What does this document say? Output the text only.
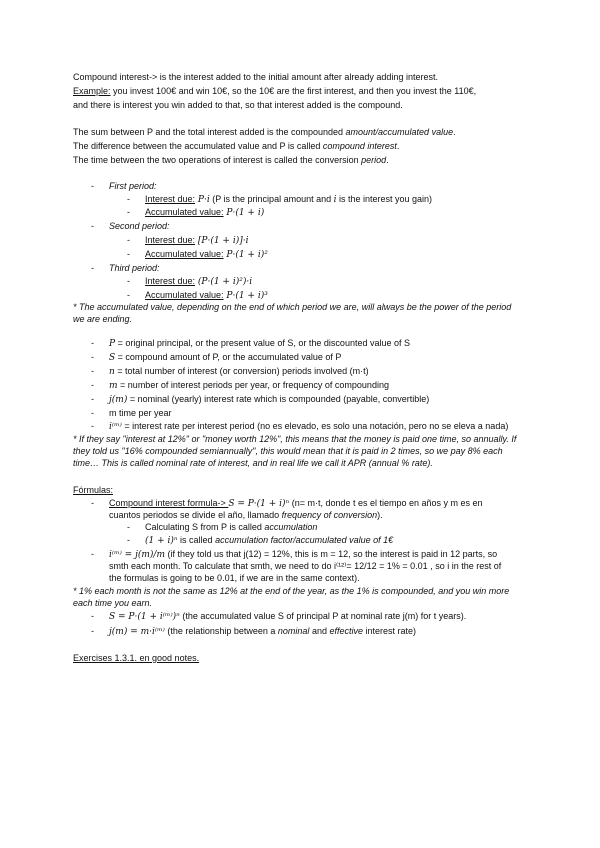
Compound interest-> is the interest added to the initial amount after already adding interest.
Example: you invest 100€ and win 10€, so the 10€ are the first interest, and then you invest the 110€,
and there is interest you win added to that, so that interest added is the compound.
The sum between P and the total interest added is the compounded amount/accumulated value.
The difference between the accumulated value and P is called compound interest.
The time between the two operations of interest is called the conversion period.
- First period:
- Interest due: P·i (P is the principal amount and i is the interest you gain)
- Accumulated value: P·(1 + i)
- Second period:
- Interest due: [P·(1 + i)]·i
- Accumulated value: P·(1 + i)²
- Third period:
- Interest due: (P·(1 + i)²)·i
- Accumulated value: P·(1 + i)³
* The accumulated value, depending on the end of which period we are, will always be the power of the period
we are ending.
- P = original principal, or the present value of S, or the discounted value of S
- S = compound amount of P, or the accumulated value of P
- n = total number of interest (or conversion) periods involved (m·t)
- m = number of interest periods per year, or frequency of compounding
- j(m) = nominal (yearly) interest rate which is compounded (payable, convertible)
- m time per year
- i⁽ᵐ⁾ = interest rate per interest period (no es elevado, es solo una notación, pero no se eleva a nada)
* If they say "interest at 12%" or "money worth 12%", this means that the money is paid one time, so annually. If
they told us "16% compounded semiannually", this would mean that it is paid in 2 times, so we pay 8% each
time… This is called nominal rate of interest, and in real life we call it APR (annual % rate).
Fórmulas:
- Compound interest formula-> S = P·(1 + i)ⁿ (n= m·t, donde t es el tiempo en años y m es en
cuantos periodos se divide el año, llamado frequency of conversion).
- Calculating S from P is called accumulation
- (1 + i)ⁿ is called accumulation factor/accumulated value of 1€
- i⁽ᵐ⁾ = j(m)/m (if they told us that j(12) = 12%, this is m = 12, so the interest is paid in 12 parts, so
smth each month. To calculate that smth, we need to do i⁽¹²⁾= 12/12 = 1% = 0.01 , so i in the rest of
the formulas is going to be 0.01, if we are in the same context).
* 1% each month is not the same as 12% at the end of the year, as the 1% is compounded, and you win more
each time you earn.
- S = P·(1 + i⁽ᵐ⁾)ⁿ (the accumulated value S of principal P at nominal rate j(m) for t years).
- j(m) = m·i⁽ᵐ⁾ (the relationship between a nominal and effective interest rate)
Exercises 1.3.1. en good notes.
